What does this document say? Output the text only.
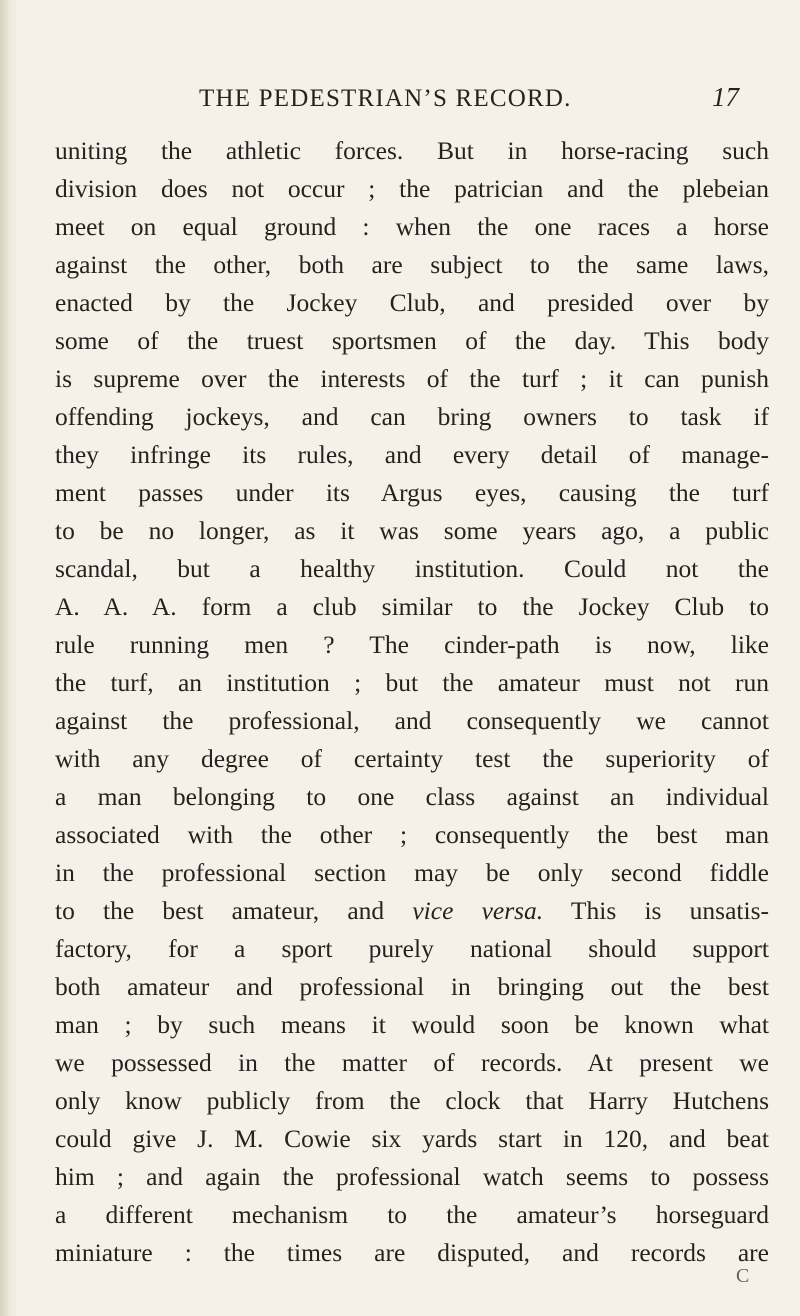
THE PEDESTRIAN’S RECORD.	17
uniting the athletic forces. But in horse-racing such
division does not occur ; the patrician and the plebeian
meet on equal ground : when the one races a horse
against the other, both are subject to the same laws,
enacted by the Jockey Club, and presided over by
some of the truest sportsmen of the day. This body
is supreme over the interests of the turf ; it can punish
offending jockeys, and can bring owners to task if
they infringe its rules, and every detail of manage-
ment passes under its Argus eyes, causing the turf
to be no longer, as it was some years ago, a public
scandal, but a healthy institution. Could not the
A. A. A. form a club similar to the Jockey Club to
rule running men ? The cinder-path is now, like
the turf, an institution ; but the amateur must not run
against the professional, and consequently we cannot
with any degree of certainty test the superiority of
a man belonging to one class against an individual
associated with the other ; consequently the best man
in the professional section may be only second fiddle
to the best amateur, and vice versa. This is unsatis-
factory, for a sport purely national should support
both amateur and professional in bringing out the best
man ; by such means it would soon be known what
we possessed in the matter of records. At present we
only know publicly from the clock that Harry Hutchens
could give J. M. Cowie six yards start in 120, and beat
him ; and again the professional watch seems to possess
a different mechanism to the amateur’s horseguard
miniature : the times are disputed, and records are
C
